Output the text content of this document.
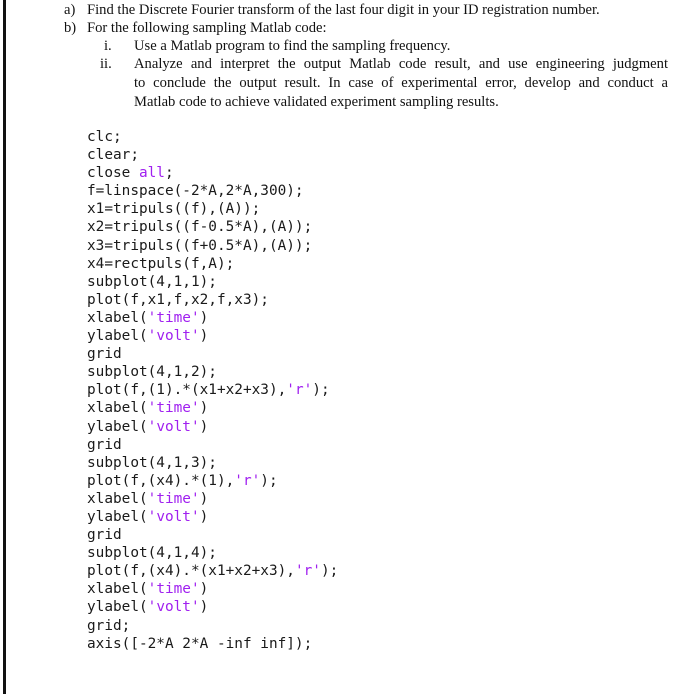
a) Find the Discrete Fourier transform of the last four digit in your ID registration number.
b) For the following sampling Matlab code:
i. Use a Matlab program to find the sampling frequency.
ii. Analyze and interpret the output Matlab code result, and use engineering judgment
to conclude the output result. In case of experimental error, develop and conduct a
Matlab code to achieve validated experiment sampling results.
clc;
clear;
close all;
f=linspace(-2*A,2*A,300);
x1=tripuls((f),(A));
x2=tripuls((f-0.5*A),(A));
x3=tripuls((f+0.5*A),(A));
x4=rectpuls(f,A);
subplot(4,1,1);
plot(f,x1,f,x2,f,x3);
xlabel('time')
ylabel('volt')
grid
subplot(4,1,2);
plot(f,(1).*(x1+x2+x3),'r');
xlabel('time')
ylabel('volt')
grid
subplot(4,1,3);
plot(f,(x4).*(1),'r');
xlabel('time')
ylabel('volt')
grid
subplot(4,1,4);
plot(f,(x4).*(x1+x2+x3),'r');
xlabel('time')
ylabel('volt')
grid;
axis([-2*A 2*A -inf inf]);
